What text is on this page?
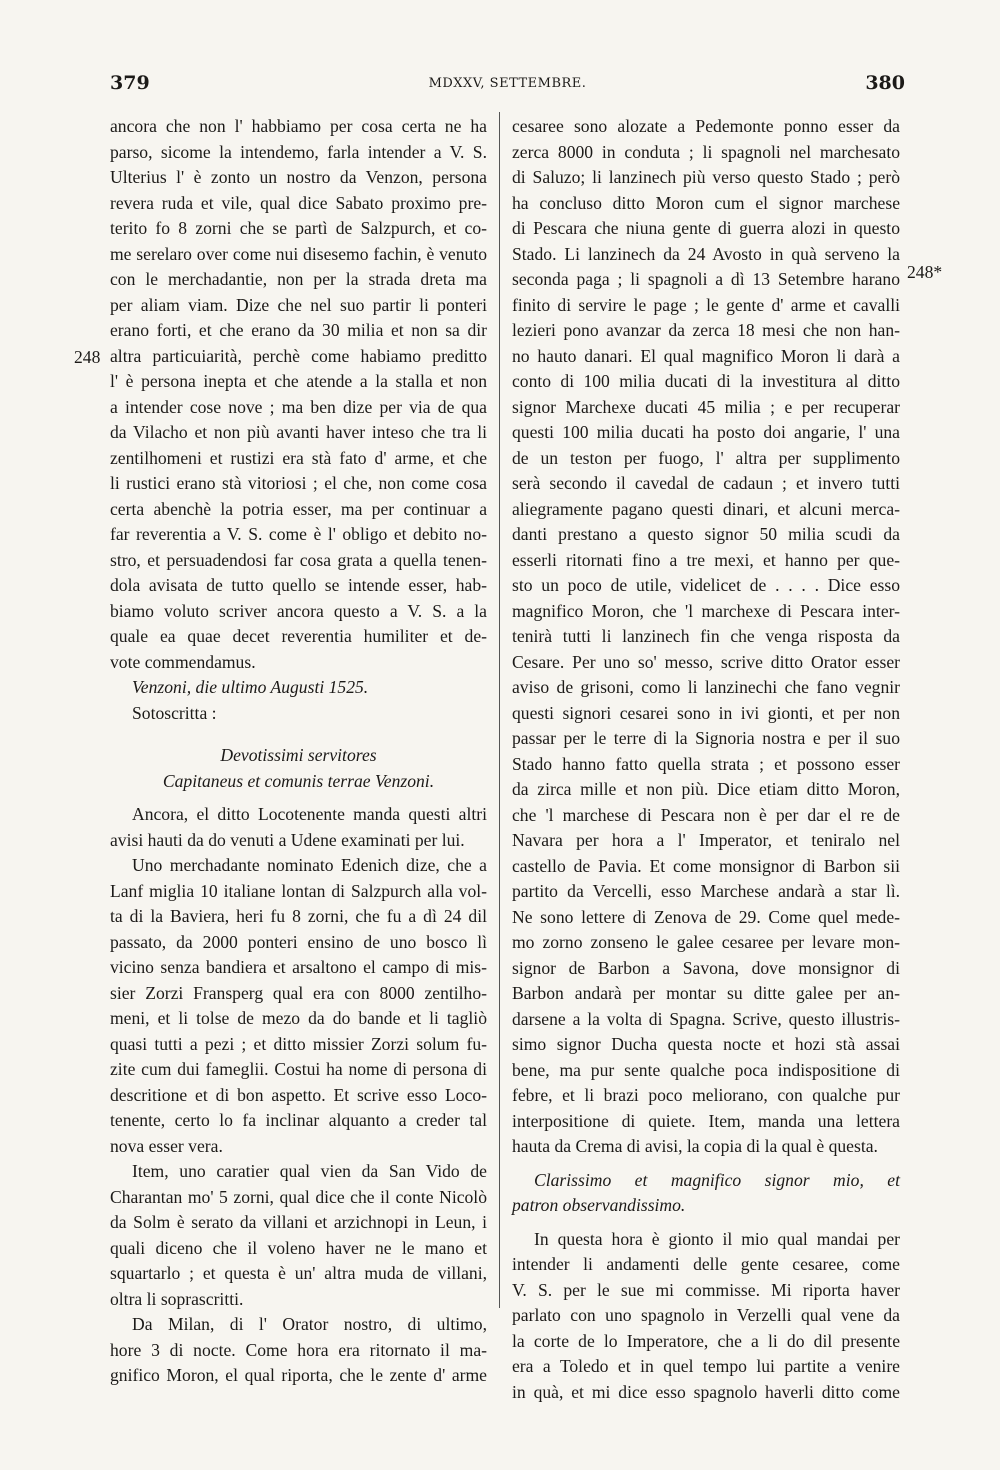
379	MDXXV, SETTEMBRE.	380
248
248*
ancora che non l' habbiamo per cosa certa ne ha
parso, sicome la intendemo, farla intender a V. S.
Ulterius l' è zonto un nostro da Venzon, persona
revera ruda et vile, qual dice Sabato proximo pre-
terito fo 8 zorni che se partì de Salzpurch, et co-
me serelaro over come nui disesemo fachin, è venuto
con le merchadantie, non per la strada dreta ma
per aliam viam. Dize che nel suo partir li ponteri
erano forti, et che erano da 30 milia et non sa dir
altra particuiarità, perchè come habiamo preditto
l' è persona inepta et che atende a la stalla et non
a intender cose nove ; ma ben dize per via de qua
da Vilacho et non più avanti haver inteso che tra li
zentilhomeni et rustizi era stà fato d' arme, et che
li rustici erano stà vitoriosi ; el che, non come cosa
certa abenchè la potria esser, ma per continuar a
far reverentia a V. S. come è l' obligo et debito no-
stro, et persuadendosi far cosa grata a quella tenen-
dola avisata de tutto quello se intende esser, hab-
biamo voluto scriver ancora questo a V. S. a la
quale ea quae decet reverentia humiliter et de-
vote commendamus.
Venzoni, die ultimo Augusti 1525.
Sotoscritta :
Devotissimi servitores
Capitaneus et comunis terrae Venzoni.
Ancora, el ditto Locotenente manda questi altri
avisi hauti da do venuti a Udene examinati per lui.
Uno merchadante nominato Edenich dize, che a
Lanf miglia 10 italiane lontan di Salzpurch alla vol-
ta di la Baviera, heri fu 8 zorni, che fu a dì 24 dil
passato, da 2000 ponteri ensino de uno bosco lì
vicino senza bandiera et arsaltono el campo di mis-
sier Zorzi Fransperg qual era con 8000 zentilho-
meni, et li tolse de mezo da do bande et li tagliò
quasi tutti a pezi ; et ditto missier Zorzi solum fu-
zite cum dui fameglii. Costui ha nome di persona di
descritione et di bon aspetto. Et scrive esso Loco-
tenente, certo lo fa inclinar alquanto a creder tal
nova esser vera.
Item, uno caratier qual vien da San Vido de
Charantan mo' 5 zorni, qual dice che il conte Nicolò
da Solm è serato da villani et arzichnopi in Leun, i
quali diceno che il voleno haver ne le mano et
squartarlo ; et questa è un' altra muda de villani,
oltra li soprascritti.
Da Milan, di l' Orator nostro, di ultimo,
hore 3 di nocte. Come hora era ritornato il ma-
gnifico Moron, el qual riporta, che le zente d' arme
cesaree sono alozate a Pedemonte ponno esser da
zerca 8000 in conduta ; li spagnoli nel marchesato
di Saluzo; li lanzinech più verso questo Stado ; però
ha concluso ditto Moron cum el signor marchese
di Pescara che niuna gente di guerra alozi in questo
Stado. Li lanzinech da 24 Avosto in quà serveno la
seconda paga ; li spagnoli a dì 13 Setembre harano
finito di servire le page ; le gente d' arme et cavalli
lezieri pono avanzar da zerca 18 mesi che non han-
no hauto danari. El qual magnifico Moron li darà a
conto di 100 milia ducati di la investitura al ditto
signor Marchexe ducati 45 milia ; e per recuperar
questi 100 milia ducati ha posto doi angarie, l' una
de un teston per fuogo, l' altra per supplimento
serà secondo il cavedal de cadaun ; et invero tutti
aliegramente pagano questi dinari, et alcuni merca-
danti prestano a questo signor 50 milia scudi da
esserli ritornati fino a tre mexi, et hanno per que-
sto un poco de utile, videlicet de . . . . Dice esso
magnifico Moron, che 'l marchexe di Pescara inter-
tenirà tutti li lanzinech fin che venga risposta da
Cesare. Per uno so' messo, scrive ditto Orator esser
aviso de grisoni, como li lanzinechi che fano vegnir
questi signori cesarei sono in ivi gionti, et per non
passar per le terre di la Signoria nostra e per il suo
Stado hanno fatto quella strata ; et possono esser
da zirca mille et non più. Dice etiam ditto Moron,
che 'l marchese di Pescara non è per dar el re de
Navara per hora a l' Imperator, et teniralo nel
castello de Pavia. Et come monsignor di Barbon sii
partito da Vercelli, esso Marchese andarà a star lì.
Ne sono lettere di Zenova de 29. Come quel mede-
mo zorno zonseno le galee cesaree per levare mon-
signor de Barbon a Savona, dove monsignor di
Barbon andarà per montar su ditte galee per an-
darsene a la volta di Spagna. Scrive, questo illustris-
simo signor Ducha questa nocte et hozi stà assai
bene, ma pur sente qualche poca indispositione di
febre, et li brazi poco meliorano, con qualche pur
interpositione di quiete. Item, manda una lettera
hauta da Crema di avisi, la copia di la qual è questa.
Clarissimo et magnifico signor mio, et
patron observandissimo.
In questa hora è gionto il mio qual mandai per
intender li andamenti delle gente cesaree, come
V. S. per le sue mi commisse. Mi riporta haver
parlato con uno spagnolo in Verzelli qual vene da
la corte de lo Imperatore, che a li do dil presente
era a Toledo et in quel tempo lui partite a venire
in quà, et mi dice esso spagnolo haverli ditto come
